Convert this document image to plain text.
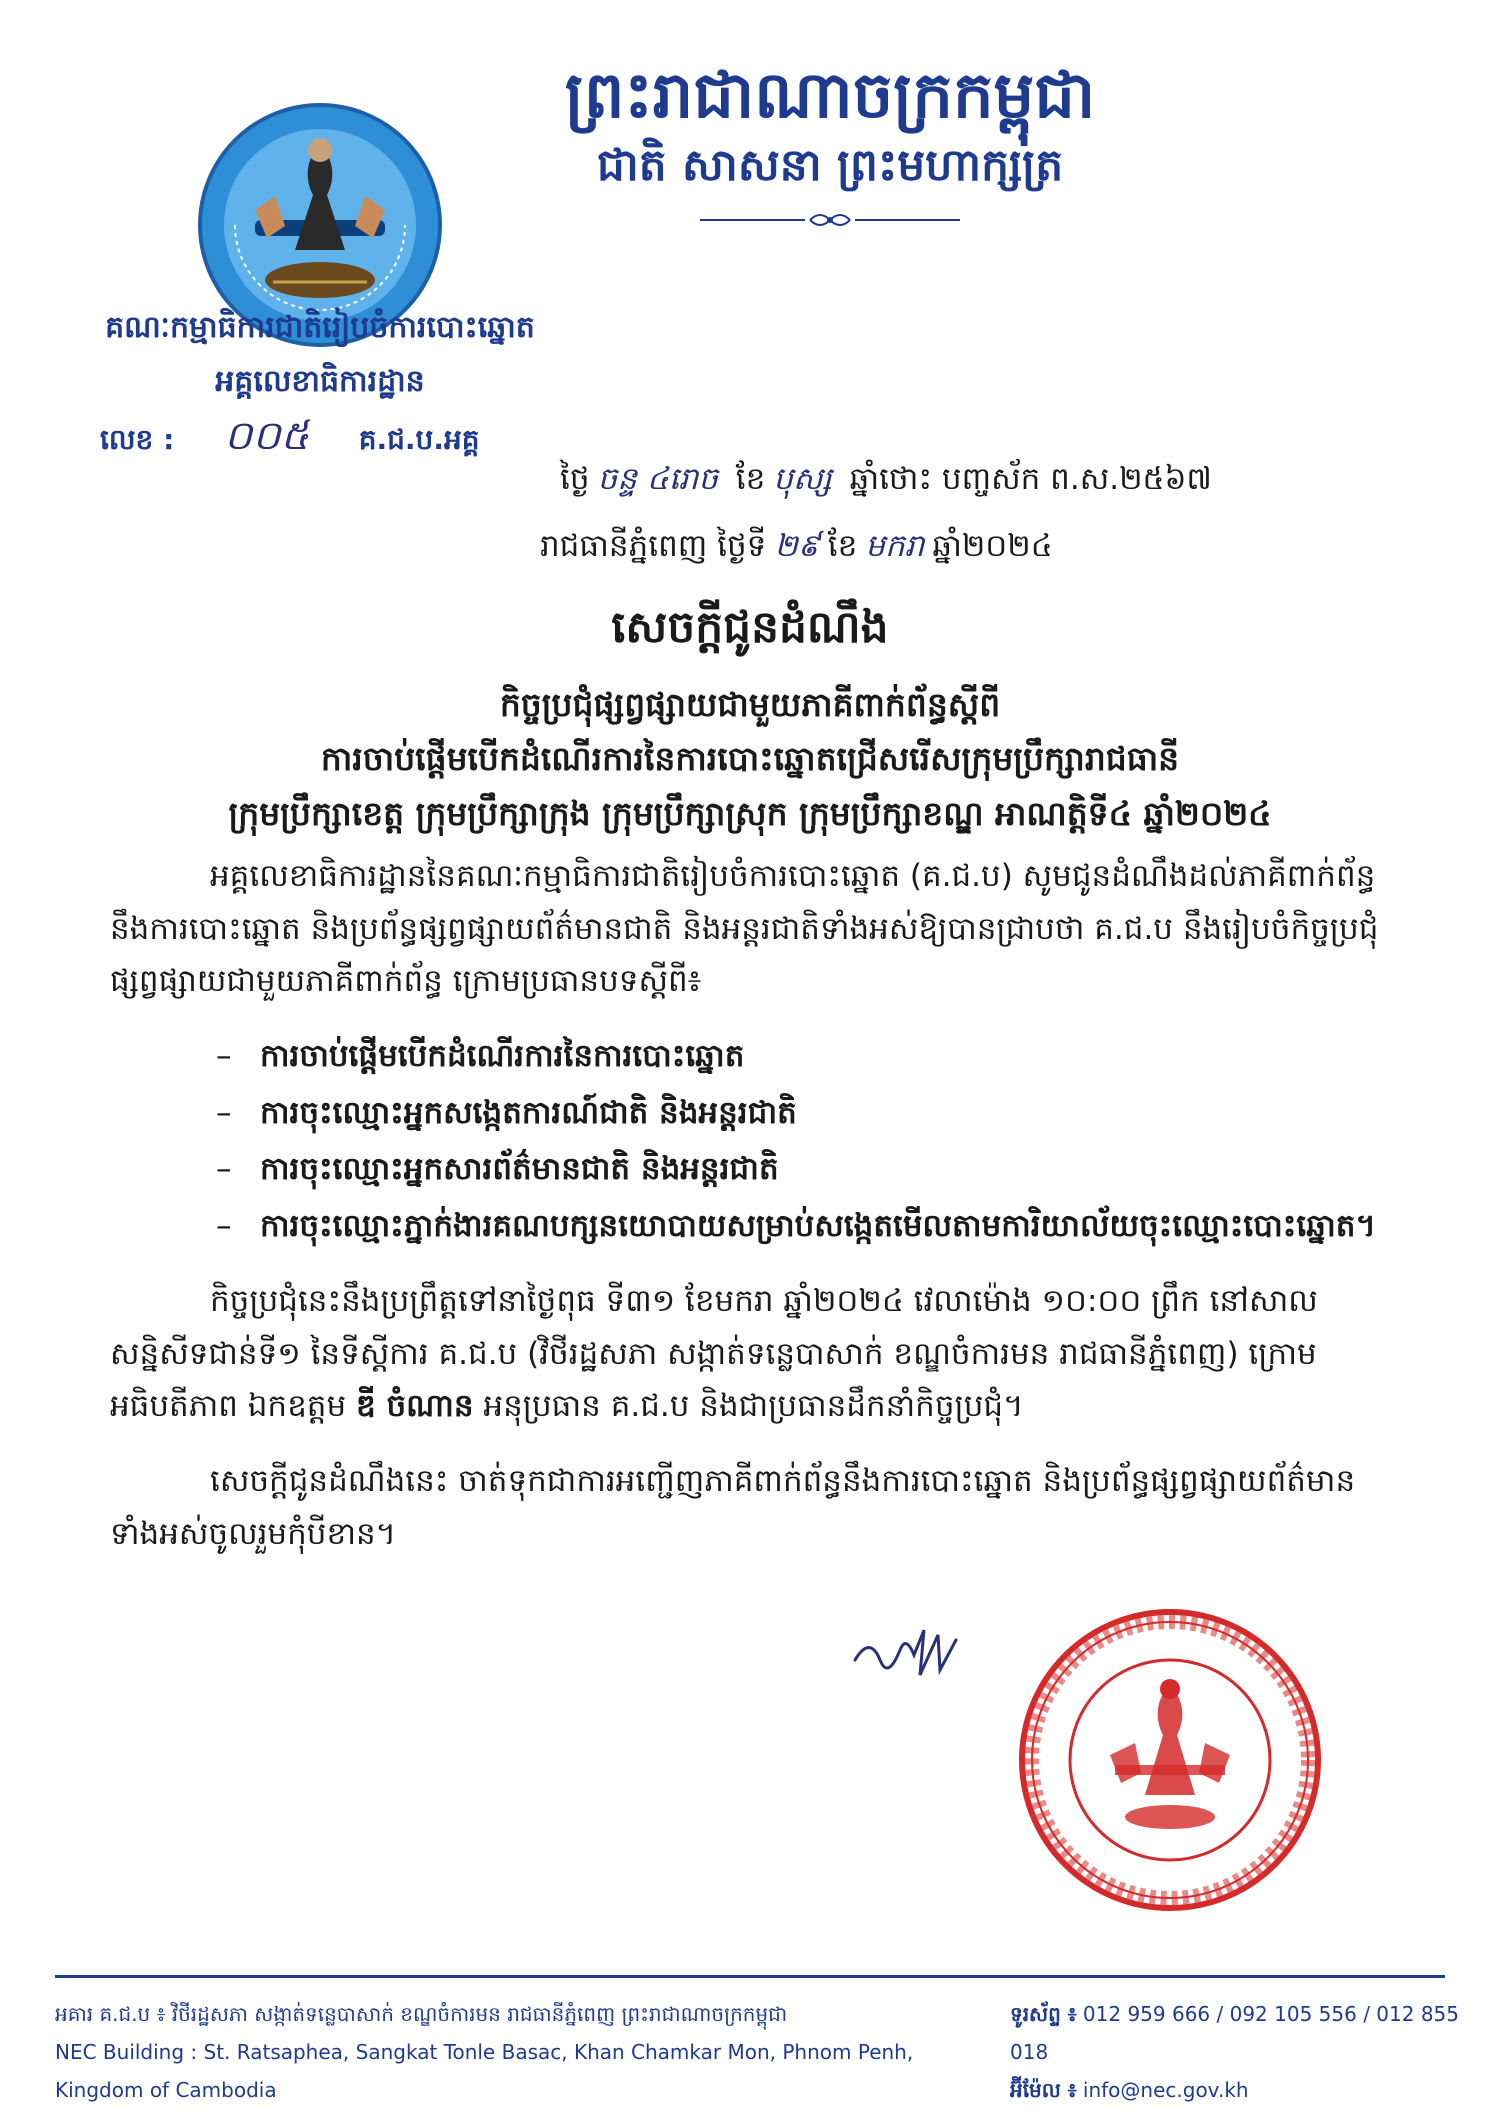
ព្រះរាជាណាចក្រកម្ពុជា
ជាតិ សាសនា ព្រះមហាក្សត្រ
គណៈកម្មាធិការជាតិរៀបចំការបោះឆ្នោត
អគ្គលេខាធិការដ្ឋាន
លេខ : ០០៥ គ.ជ.ប.អគ្គ
ថ្ងៃ ចន្ទ ៤រោច ខែ បុស្ស ឆ្នាំថោះ បញ្ចស័ក ព.ស.២៥៦៧
រាជធានីភ្នំពេញ ថ្ងៃទី ២៩ ខែ មករា ឆ្នាំ២០២៤
សេចក្តីជូនដំណឹង
កិច្ចប្រជុំផ្សព្វផ្សាយជាមួយភាគីពាក់ព័ន្ធស្តីពី
ការចាប់ផ្តើមបើកដំណើរការនៃការបោះឆ្នោតជ្រើសរើសក្រុមប្រឹក្សារាជធានី
ក្រុមប្រឹក្សាខេត្ត ក្រុមប្រឹក្សាក្រុង ក្រុមប្រឹក្សាស្រុក ក្រុមប្រឹក្សាខណ្ឌ អាណត្តិទី៤ ឆ្នាំ២០២៤

អគ្គលេខាធិការដ្ឋាននៃគណៈកម្មាធិការជាតិរៀបចំការបោះឆ្នោត (គ.ជ.ប) សូមជូនដំណឹងដល់ភាគីពាក់ព័ន្ធនឹងការបោះឆ្នោត និងប្រព័ន្ធផ្សព្វផ្សាយព័ត៌មានជាតិ និងអន្តរជាតិទាំងអស់ឱ្យបានជ្រាបថា គ.ជ.ប នឹងរៀបចំកិច្ចប្រជុំផ្សព្វផ្សាយជាមួយភាគីពាក់ព័ន្ធ ក្រោមប្រធានបទស្តីពី៖

– ការចាប់ផ្តើមបើកដំណើរការនៃការបោះឆ្នោត
– ការចុះឈ្មោះអ្នកសង្កេតការណ៍ជាតិ និងអន្តរជាតិ
– ការចុះឈ្មោះអ្នកសារព័ត៌មានជាតិ និងអន្តរជាតិ
– ការចុះឈ្មោះភ្នាក់ងារគណបក្សនយោបាយសម្រាប់សង្កេតមើលតាមការិយាល័យចុះឈ្មោះបោះឆ្នោត។

កិច្ចប្រជុំនេះនឹងប្រព្រឹត្តទៅនាថ្ងៃពុធ ទី៣១ ខែមករា ឆ្នាំ២០២៤ វេលាម៉ោង ១០:០០ ព្រឹក នៅសាលសន្និសីទជាន់ទី១ នៃទីស្តីការ គ.ជ.ប (វិថីរដ្ឋសភា សង្កាត់ទន្លេបាសាក់ ខណ្ឌចំការមន រាជធានីភ្នំពេញ) ក្រោមអធិបតីភាព ឯកឧត្តម ឌី ចំណាន អនុប្រធាន គ.ជ.ប និងជាប្រធានដឹកនាំកិច្ចប្រជុំ។

សេចក្តីជូនដំណឹងនេះ ចាត់ទុកជាការអញ្ជើញភាគីពាក់ព័ន្ធនឹងការបោះឆ្នោត និងប្រព័ន្ធផ្សព្វផ្សាយព័ត៌មានទាំងអស់ចូលរួមកុំបីខាន។

អគារ គ.ជ.ប ៖ វិថីរដ្ឋសភា សង្កាត់ទន្លេបាសាក់ ខណ្ឌចំការមន រាជធានីភ្នំពេញ ព្រះរាជាណាចក្រកម្ពុជា
NEC Building : St. Ratsaphea, Sangkat Tonle Basac, Khan Chamkar Mon, Phnom Penh, Kingdom of Cambodia
ទូរស័ព្ទ ៖ 012 959 666 / 092 105 556 / 012 855 018
អ៊ីម៉ែល ៖ info@nec.gov.kh
